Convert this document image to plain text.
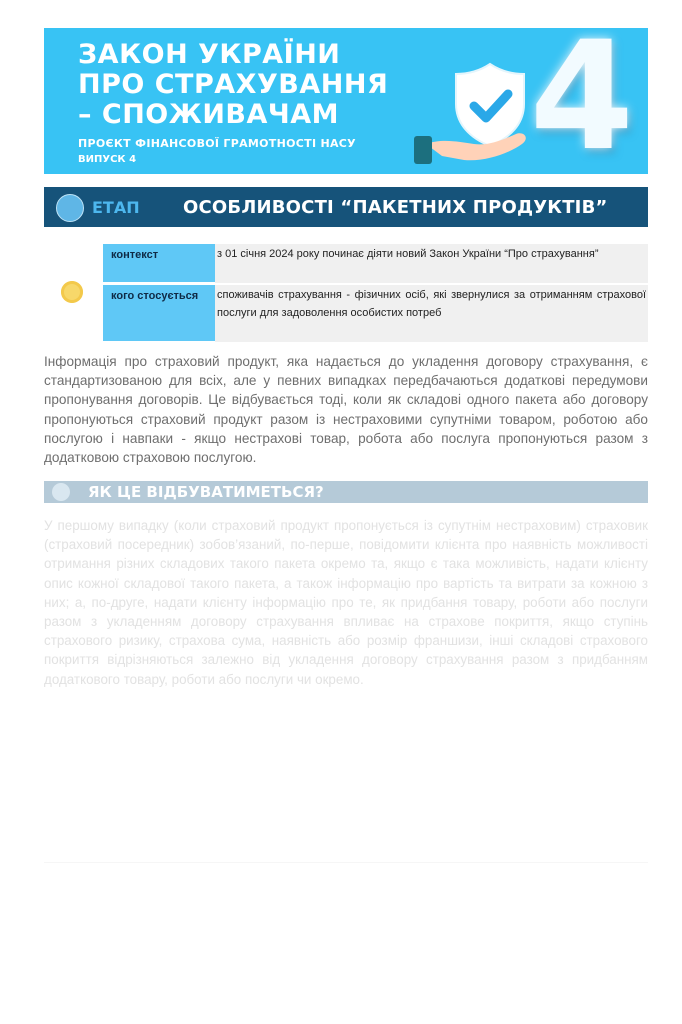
ЗАКОН УКРАЇНИ
ПРО СТРАХУВАННЯ
– СПОЖИВАЧАМ
ПРОЄКТ ФІНАНСОВОЇ ГРАМОТНОСТІ НАСУ
ВИПУСК 4	4
ЕТАП ОСОБЛИВОСТІ “ПАКЕТНИХ ПРОДУКТІВ”
контекст	з 01 січня 2024 року починає діяти новий Закон України “Про страхування”
кого стосується	споживачів страхування - фізичних осіб, які звернулися за отриманням страхової послуги для задоволення особистих потреб
Інформація про страховий продукт, яка надається до укладення договору страхування, є стандартизованою для всіх, але у певних випадках передбачаються додаткові передумови пропонування договорів. Це відбувається тоді, коли як складові одного пакета або договору пропонуються страховий продукт разом із нестраховими супутніми товаром, роботою або послугою і навпаки - якщо нестрахові товар, робота або послуга пропонуються разом з додатковою страховою послугою.
ЯК ЦЕ ВІДБУВАТИМЕТЬСЯ?
У першому випадку (коли страховий продукт пропонується із супутнім нестраховим) страховик (страховий посередник) зобов’язаний, по-перше, повідомити клієнта про наявність можливості отримання різних складових такого пакета окремо та, якщо є така можливість, надати клієнту опис кожної складової такого пакета, а також інформацію про вартість та витрати за кожною з них; а, по-друге, надати клієнту інформацію про те, як придбання товару, роботи або послуги разом з укладенням договору страхування впливає на страхове покриття, якщо ступінь страхового ризику, страхова сума, наявність або розмір франшизи, інші складові страхового покриття відрізняються залежно від укладення договору страхування разом з придбанням додаткового товару, роботи або послуги чи окремо.
